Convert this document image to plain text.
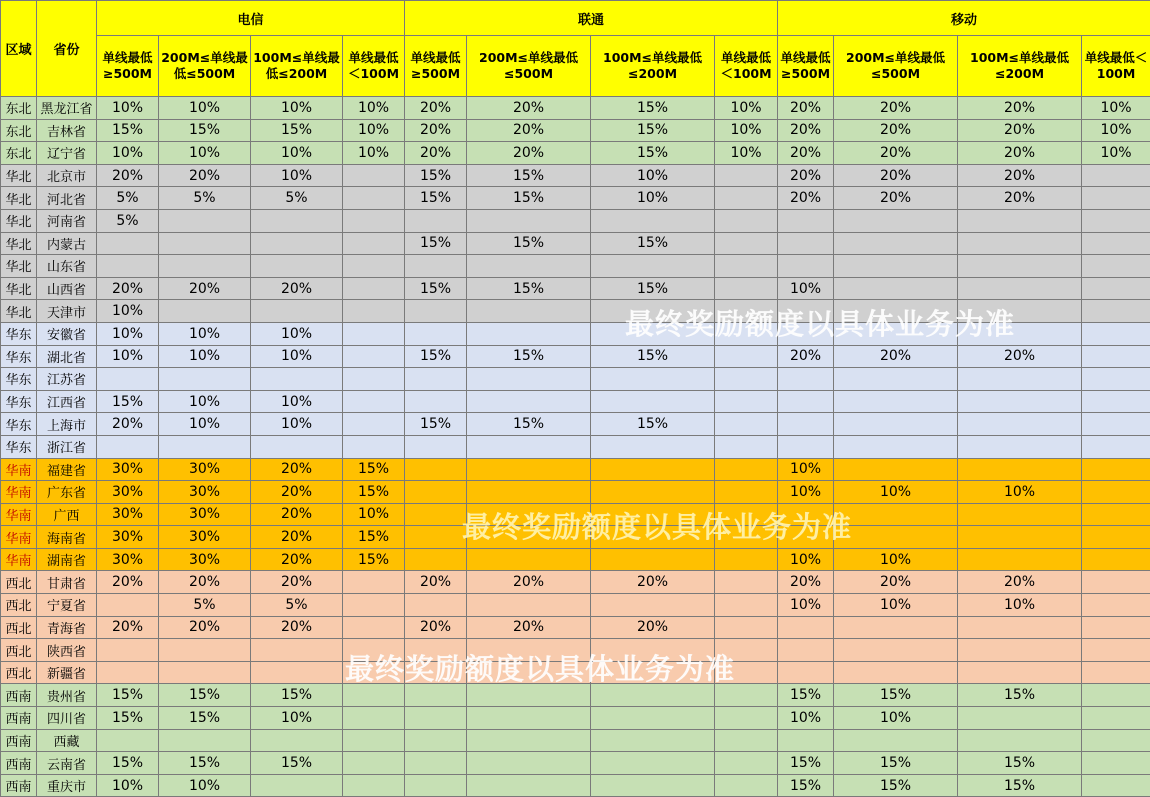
区域	省份	电信				联通				移动			
		单线最低≥500M	200M≤单线最低≤500M	100M≤单线最低≤200M	单线最低＜100M	单线最低≥500M	200M≤单线最低≤500M	100M≤单线最低≤200M	单线最低＜100M	单线最低≥500M	200M≤单线最低≤500M	100M≤单线最低≤200M	单线最低＜100M
东北	黑龙江省	10%	10%	10%	10%	20%	20%	15%	10%	20%	20%	20%	10%
东北	吉林省	15%	15%	15%	10%	20%	20%	15%	10%	20%	20%	20%	10%
东北	辽宁省	10%	10%	10%	10%	20%	20%	15%	10%	20%	20%	20%	10%
华北	北京市	20%	20%	10%		15%	15%	10%		20%	20%	20%	
华北	河北省	5%	5%	5%		15%	15%	10%		20%	20%	20%	
华北	河南省	5%											
华北	内蒙古					15%	15%	15%					
华北	山东省												
华北	山西省	20%	20%	20%		15%	15%	15%		10%			
华北	天津市	10%											
华东	安徽省	10%	10%	10%									
华东	湖北省	10%	10%	10%		15%	15%	15%		20%	20%	20%	
华东	江苏省												
华东	江西省	15%	10%	10%									
华东	上海市	20%	10%	10%		15%	15%	15%					
华东	浙江省												
华南	福建省	30%	30%	20%	15%					10%			
华南	广东省	30%	30%	20%	15%					10%	10%	10%	
华南	广西	30%	30%	20%	10%								
华南	海南省	30%	30%	20%	15%								
华南	湖南省	30%	30%	20%	15%					10%	10%		
西北	甘肃省	20%	20%	20%		20%	20%	20%		20%	20%	20%	
西北	宁夏省		5%	5%						10%	10%	10%	
西北	青海省	20%	20%	20%		20%	20%	20%					
西北	陕西省												
西北	新疆省												
西南	贵州省	15%	15%	15%						15%	15%	15%	
西南	四川省	15%	15%	10%						10%	10%		
西南	西藏												
西南	云南省	15%	15%	15%						15%	15%	15%	
西南	重庆市	10%	10%							15%	15%	15%	
最终奖励额度以具体业务为准
最终奖励额度以具体业务为准
最终奖励额度以具体业务为准
